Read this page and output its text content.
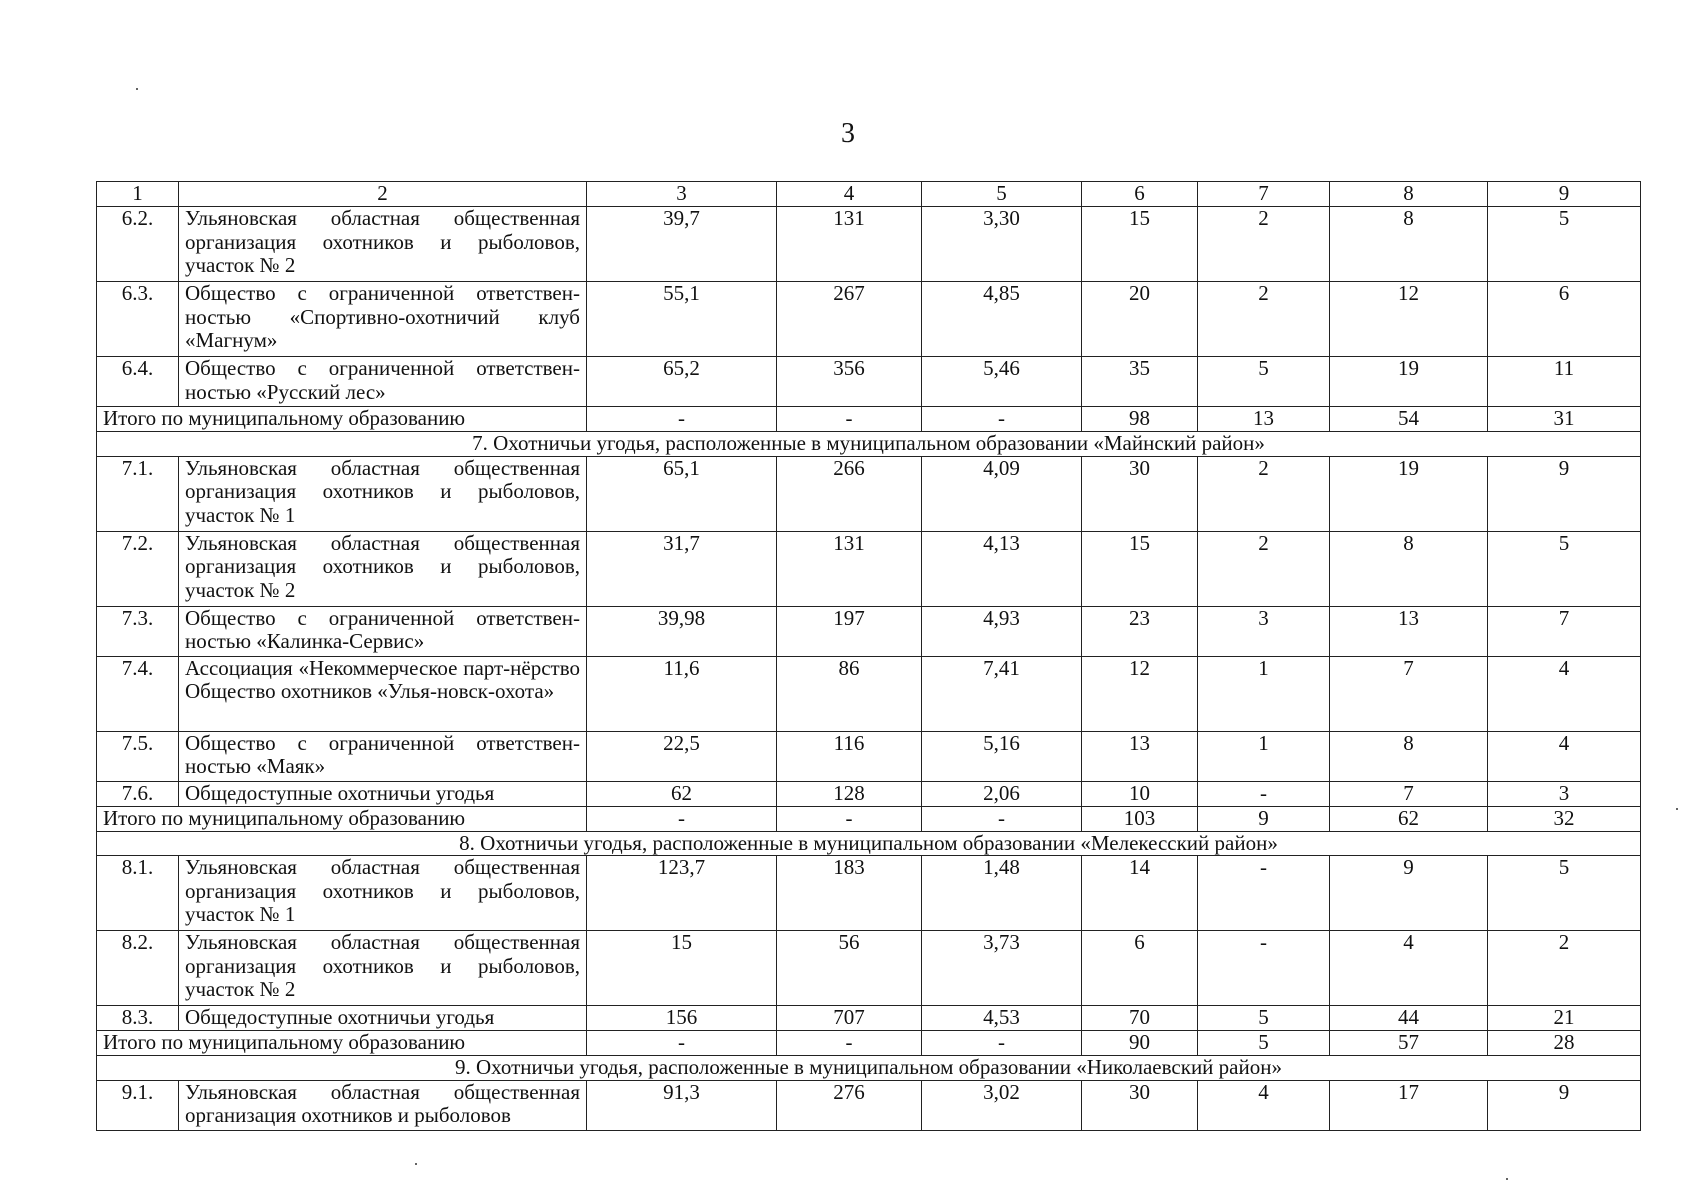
3
1	2	3	4	5	6	7	8	9
6.2.	Ульяновская областная общественная организация охотников и рыболовов, участок № 2	39,7	131	3,30	15	2	8	5
6.3.	Общество с ограниченной ответствен-ностью «Спортивно-охотничий клуб «Магнум»	55,1	267	4,85	20	2	12	6
6.4.	Общество с ограниченной ответствен-ностью «Русский лес»	65,2	356	5,46	35	5	19	11
Итого по муниципальному образованию		-	-	-	98	13	54	31
7. Охотничьи угодья, расположенные в муниципальном образовании «Майнский район»								
7.1.	Ульяновская областная общественная организация охотников и рыболовов, участок № 1	65,1	266	4,09	30	2	19	9
7.2.	Ульяновская областная общественная организация охотников и рыболовов, участок № 2	31,7	131	4,13	15	2	8	5
7.3.	Общество с ограниченной ответствен-ностью «Калинка-Сервис»	39,98	197	4,93	23	3	13	7
7.4.	Ассоциация «Некоммерческое парт-нёрство Общество охотников «Улья-новск-охота»	11,6	86	7,41	12	1	7	4
7.5.	Общество с ограниченной ответствен-ностью «Маяк»	22,5	116	5,16	13	1	8	4
7.6.	Общедоступные охотничьи угодья	62	128	2,06	10	-	7	3
Итого по муниципальному образованию		-	-	-	103	9	62	32
8. Охотничьи угодья, расположенные в муниципальном образовании «Мелекесский район»								
8.1.	Ульяновская областная общественная организация охотников и рыболовов, участок № 1	123,7	183	1,48	14	-	9	5
8.2.	Ульяновская областная общественная организация охотников и рыболовов, участок № 2	15	56	3,73	6	-	4	2
8.3.	Общедоступные охотничьи угодья	156	707	4,53	70	5	44	21
Итого по муниципальному образованию		-	-	-	90	5	57	28
9. Охотничьи угодья, расположенные в муниципальном образовании «Николаевский район»								
9.1.	Ульяновская областная общественная организация охотников и рыболовов	91,3	276	3,02	30	4	17	9
